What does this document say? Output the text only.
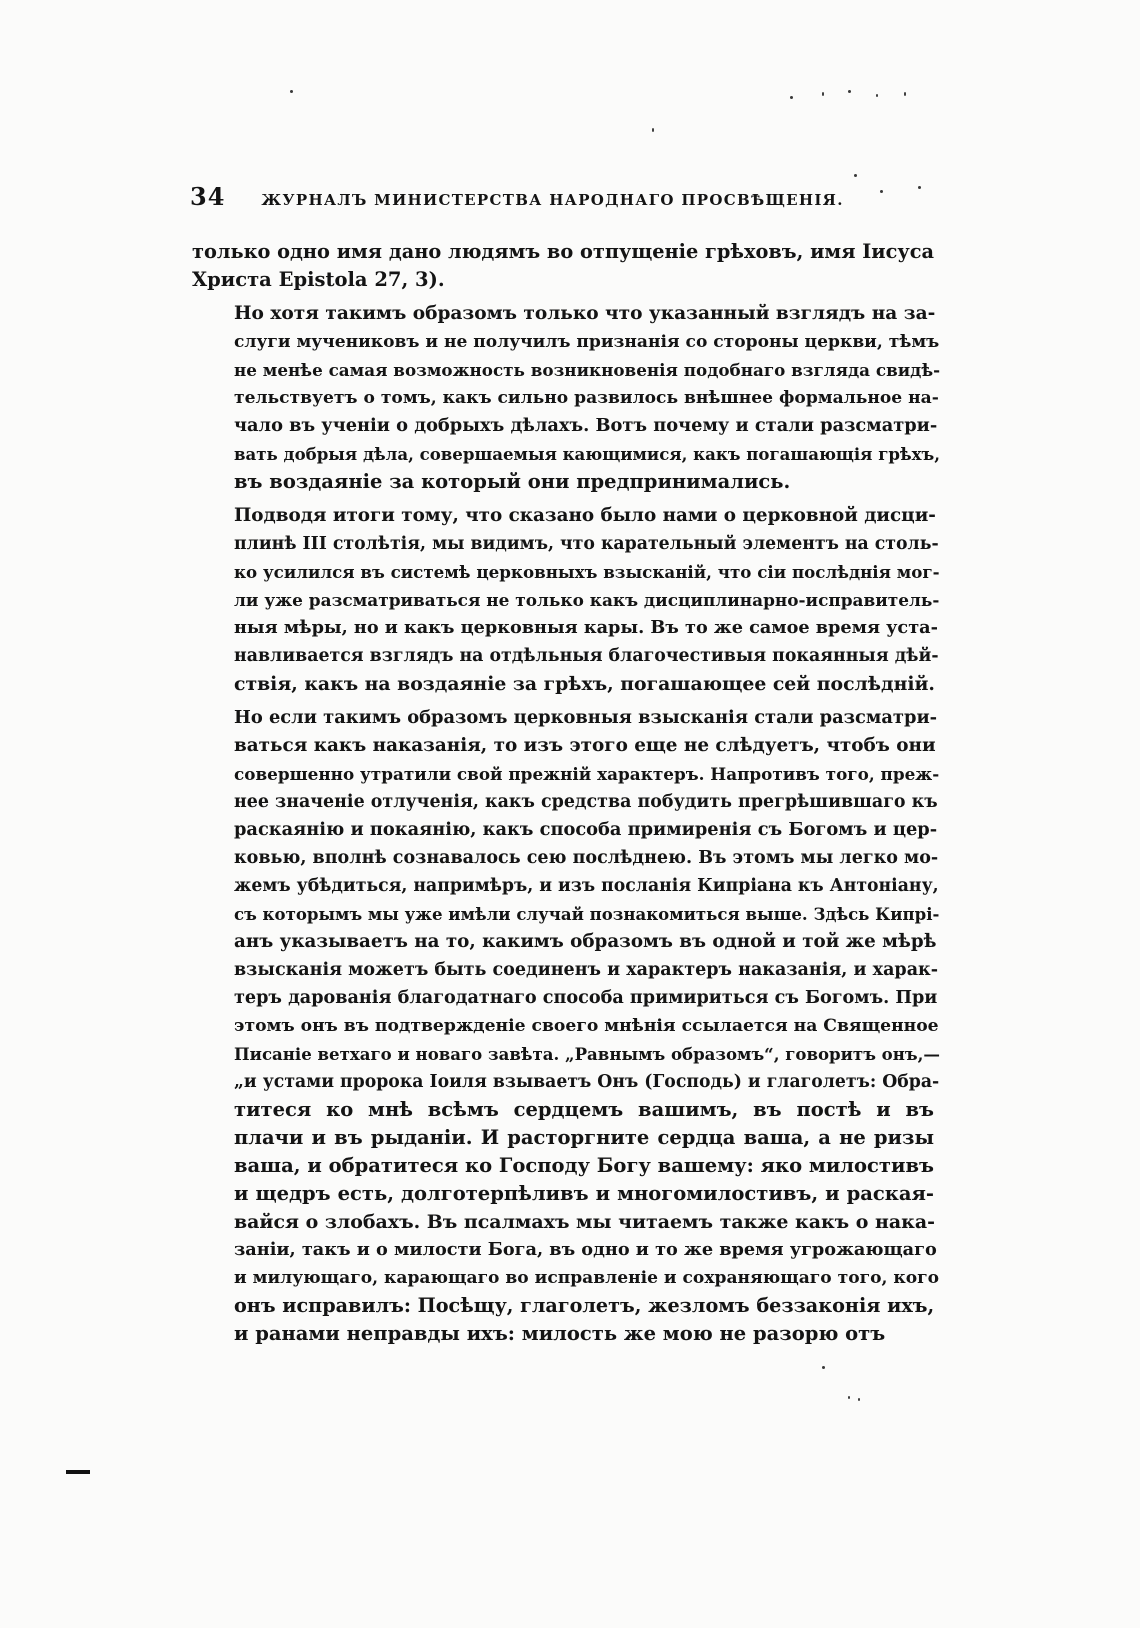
34 ЖУРНАЛЪ МИНИСТЕРСТВА НАРОДНАГО ПРОСВѢЩЕНІЯ.

только одно имя дано людямъ во отпущеніе грѣховъ, имя Іисуса
Христа Epistola 27, 3).

Но хотя такимъ образомъ только что указанный взглядъ на за-
слуги мучениковъ и не получилъ признанія со стороны церкви, тѣмъ
не менѣе самая возможность возникновенія подобнаго взгляда свидѣ-
тельствуетъ о томъ, какъ сильно развилось внѣшнее формальное на-
чало въ ученіи о добрыхъ дѣлахъ. Вотъ почему и стали разсматри-
вать добрыя дѣла, совершаемыя кающимися, какъ погашающія грѣхъ,
въ воздаяніе за который они предпринимались.

Подводя итоги тому, что сказано было нами о церковной дисци-
плинѣ III столѣтія, мы видимъ, что карательный элементъ на столь-
ко усилился въ системѣ церковныхъ взысканій, что сіи послѣднія мог-
ли уже разсматриваться не только какъ дисциплинарно-исправитель-
ныя мѣры, но и какъ церковныя кары. Въ то же самое время уста-
навливается взглядъ на отдѣльныя благочестивыя покаянныя дѣй-
ствія, какъ на воздаяніе за грѣхъ, погашающее сей послѣдній.

Но если такимъ образомъ церковныя взысканія стали разсматри-
ваться какъ наказанія, то изъ этого еще не слѣдуетъ, чтобъ они
совершенно утратили свой прежній характеръ. Напротивъ того, преж-
нее значеніе отлученія, какъ средства побудить прегрѣшившаго къ
раскаянію и покаянію, какъ способа примиренія съ Богомъ и цер-
ковью, вполнѣ сознавалось сею послѣднею. Въ этомъ мы легко мо-
жемъ убѣдиться, напримѣръ, и изъ посланія Кипріана къ Антоніану,
съ которымъ мы уже имѣли случай познакомиться выше. Здѣсь Кипрі-
анъ указываетъ на то, какимъ образомъ въ одной и той же мѣрѣ
взысканія можетъ быть соединенъ и характеръ наказанія, и харак-
теръ дарованія благодатнаго способа примириться съ Богомъ. При
этомъ онъ въ подтвержденіе своего мнѣнія ссылается на Священное
Писаніе ветхаго и новаго завѣта. „Равнымъ образомъ“, говоритъ онъ,—
„и устами пророка Іоиля взываетъ Онъ (Господь) и глаголетъ: Обра-
титеся ко мнѣ всѣмъ сердцемъ вашимъ, въ постѣ и въ
плачи и въ рыданіи. И расторгните сердца ваша, а не ризы
ваша, и обратитеся ко Господу Богу вашему: яко милостивъ
и щедръ есть, долготерпѣливъ и многомилостивъ, и раская-
вайся о злобахъ. Въ псалмахъ мы читаемъ также какъ о нака-
заніи, такъ и о милости Бога, въ одно и то же время угрожающаго
и милующаго, карающаго во исправленіе и сохраняющаго того, кого
онъ исправилъ: Посѣщу, глаголетъ, жезломъ беззаконія ихъ,
и ранами неправды ихъ: милость же мою не разорю отъ
